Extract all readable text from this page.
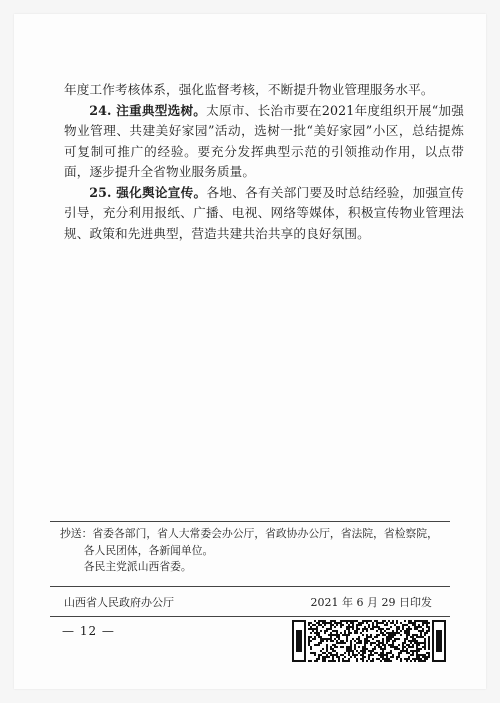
年度工作考核体系，强化监督考核，不断提升物业管理服务水平。

24. 注重典型选树。太原市、长治市要在2021年度组织开展“加强物业管理、共建美好家园”活动，选树一批“美好家园”小区，总结提炼可复制可推广的经验。要充分发挥典型示范的引领推动作用，以点带面，逐步提升全省物业服务质量。

25. 强化舆论宣传。各地、各有关部门要及时总结经验，加强宣传引导，充分利用报纸、广播、电视、网络等媒体，积极宣传物业管理法规、政策和先进典型，营造共建共治共享的良好氛围。

抄送：省委各部门，省人大常委会办公厅，省政协办公厅，省法院，省检察院，各人民团体，各新闻单位。

各民主党派山西省委。

山西省人民政府办公厅	2021 年 6 月 29 日印发
— 12 —
